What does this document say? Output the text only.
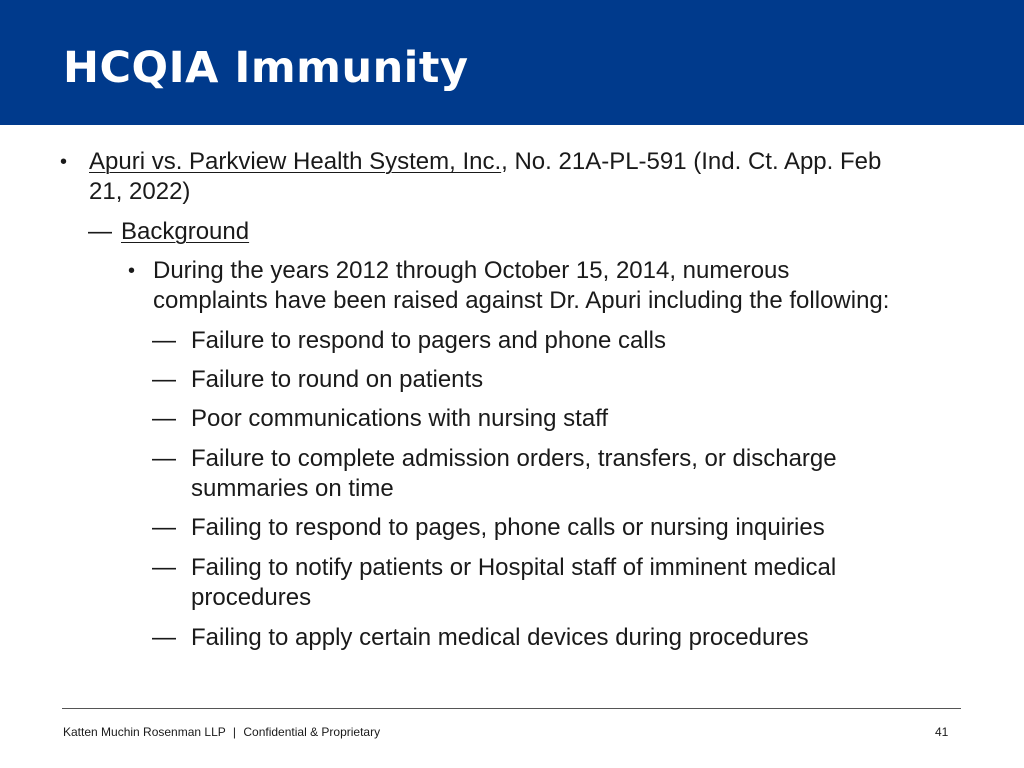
HCQIA Immunity
• Apuri vs. Parkview Health System, Inc., No. 21A-PL-591 (Ind. Ct. App. Feb
21, 2022)
— Background
• During the years 2012 through October 15, 2014, numerous
complaints have been raised against Dr. Apuri including the following:
— Failure to respond to pagers and phone calls
— Failure to round on patients
— Poor communications with nursing staff
— Failure to complete admission orders, transfers, or discharge
summaries on time
— Failing to respond to pages, phone calls or nursing inquiries
— Failing to notify patients or Hospital staff of imminent medical
procedures
— Failing to apply certain medical devices during procedures
Katten Muchin Rosenman LLP | Confidential & Proprietary	41
